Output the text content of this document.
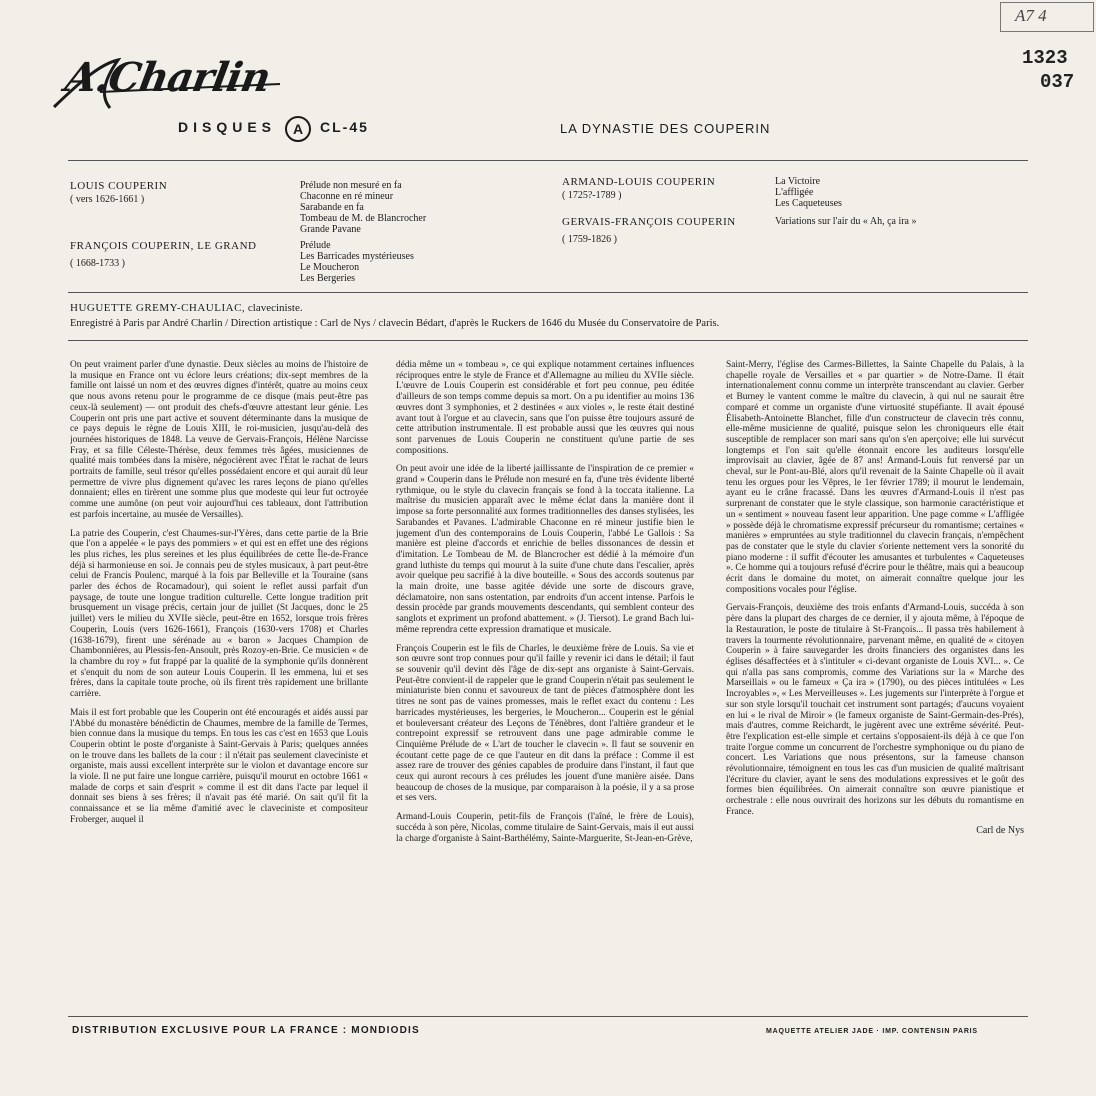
A7 4
1323
037
A.Charlin
DISQUES	A	CL-45	LA DYNASTIE DES COUPERIN
LOUIS COUPERIN
( vers 1626-1661 )
Prélude non mesuré en fa
Chaconne en ré mineur
Sarabande en fa
Tombeau de M. de Blancrocher
Grande Pavane
FRANÇOIS COUPERIN, LE GRAND
( 1668-1733 )
Prélude
Les Barricades mystérieuses
Le Moucheron
Les Bergeries
ARMAND-LOUIS COUPERIN
( 1725?-1789 )
La Victoire
L'affligée
Les Caqueteuses
GERVAIS-FRANÇOIS COUPERIN
( 1759-1826 )
Variations sur l'air du « Ah, ça ira »
HUGUETTE GREMY-CHAULIAC, claveciniste.
Enregistré à Paris par André Charlin / Direction artistique : Carl de Nys / clavecin Bédart, d'après le Ruckers de 1646 du Musée du Conservatoire de Paris.

On peut vraiment parler d'une dynastie. Deux siècles au moins de l'histoire de la musique en France ont vu éclore leurs créations; dix-sept membres de la famille ont laissé un nom et des œuvres dignes d'intérêt, quatre au moins ceux que nous avons retenu pour le programme de ce disque (mais peut-être pas ceux-là seulement) — ont produit des chefs-d'œuvre attestant leur génie. Les Couperin ont pris une part active et souvent déterminante dans la musique de ce pays depuis le règne de Louis XIII, le roi-musicien, jusqu'au-delà des journées historiques de 1848. La veuve de Gervais-François, Hélène Narcisse Fray, et sa fille Céleste-Thérèse, deux femmes très âgées, musiciennes de qualité mais tombées dans la misère, négocièrent avec l'État le rachat de leurs portraits de famille, seul trésor qu'elles possédaient encore et qui aurait dû leur permettre de vivre plus dignement qu'avec les rares leçons de piano qu'elles donnaient; elles en tirèrent une somme plus que modeste qui leur fut octroyée comme une aumône (on peut voir aujourd'hui ces tableaux, dont l'attribution est parfois incertaine, au musée de Versailles).

La patrie des Couperin, c'est Chaumes-sur-l'Yères, dans cette partie de la Brie que l'on a appelée « le pays des pommiers » et qui est en effet une des régions les plus riches, les plus sereines et les plus équilibrées de cette Île-de-France déjà si harmonieuse en soi. Je connais peu de styles musicaux, à part peut-être celui de Francis Poulenc, marqué à la fois par Belleville et la Touraine (sans parler des échos de Rocamadour), qui soient le reflet aussi parfait d'un paysage, de toute une longue tradition culturelle. Cette longue tradition prit brusquement un visage précis, certain jour de juillet (St Jacques, donc le 25 juillet) vers le milieu du XVIIe siècle, peut-être en 1652, lorsque trois frères Couperin, Louis (vers 1626-1661), François (1630-vers 1708) et Charles (1638-1679), firent une sérénade au « baron » Jacques Champion de Chambonnières, au Plessis-fen-Ansoult, près Rozoy-en-Brie. Ce musicien « de la chambre du roy » fut frappé par la qualité de la symphonie qu'ils donnèrent et s'enquit du nom de son auteur Louis Couperin. Il les emmena, lui et ses frères, dans la capitale toute proche, où ils firent très rapidement une brillante carrière.

Mais il est fort probable que les Couperin ont été encouragés et aidés aussi par l'Abbé du monastère bénédictin de Chaumes, membre de la famille de Termes, bien connue dans la musique du temps. En tous les cas c'est en 1653 que Louis Couperin obtint le poste d'organiste à Saint-Gervais à Paris; quelques années on le trouve dans les ballets de la cour : il n'était pas seulement claveciniste et organiste, mais aussi excellent interprète sur le violon et davantage encore sur la viole. Il ne put faire une longue carrière, puisqu'il mourut en octobre 1661 « malade de corps et sain d'esprit » comme il est dit dans l'acte par lequel il donnait ses biens à ses frères; il n'avait pas été marié. On sait qu'il fit la connaissance et se lia même d'amitié avec le claveciniste et compositeur Froberger, auquel il

dédia même un « tombeau », ce qui explique notamment certaines influences réciproques entre le style de France et d'Allemagne au milieu du XVIIe siècle. L'œuvre de Louis Couperin est considérable et fort peu connue, peu éditée d'ailleurs de son temps comme depuis sa mort. On a pu identifier au moins 136 œuvres dont 3 symphonies, et 2 destinées « aux violes », le reste était destiné avant tout à l'orgue et au clavecin, sans que l'on puisse être toujours assuré de cette attribution instrumentale. Il est probable aussi que les œuvres qui nous sont parvenues de Louis Couperin ne constituent qu'une partie de ses compositions.

On peut avoir une idée de la liberté jaillissante de l'inspiration de ce premier « grand » Couperin dans le Prélude non mesuré en fa, d'une très évidente liberté rythmique, ou le style du clavecin français se fond à la toccata italienne. La maîtrise du musicien apparaît avec le même éclat dans la manière dont il impose sa forte personnalité aux formes traditionnelles des danses stylisées, les Sarabandes et Pavanes. L'admirable Chaconne en ré mineur justifie bien le jugement d'un des contemporains de Louis Couperin, l'abbé Le Gallois : Sa manière est pleine d'accords et enrichie de belles dissonances de dessin et d'imitation. Le Tombeau de M. de Blancrocher est dédié à la mémoire d'un grand luthiste du temps qui mourut à la suite d'une chute dans l'escalier, après avoir quelque peu sacrifié à la dive bouteille. « Sous des accords soutenus par la main droite, une basse agitée dévide une sorte de discours grave, déclamatoire, non sans ostentation, par endroits d'un accent intense. Parfois le dessin procède par grands mouvements descendants, qui semblent conteur des sanglots et expriment un profond abattement. » (J. Tiersot). Le grand Bach lui-même reprendra cette expression dramatique et musicale.

François Couperin est le fils de Charles, le deuxième frère de Louis. Sa vie et son œuvre sont trop connues pour qu'il faille y revenir ici dans le détail; il faut se souvenir qu'il devint dès l'âge de dix-sept ans organiste à Saint-Gervais. Peut-être convient-il de rappeler que le grand Couperin n'était pas seulement le miniaturiste bien connu et savoureux de tant de pièces d'atmosphère dont les titres ne sont pas de vaines promesses, mais le reflet exact du contenu : Les barricades mystérieuses, les bergeries, le Moucheron... Couperin est le génial et bouleversant créateur des Leçons de Ténèbres, dont l'altière grandeur et le contrepoint expressif se retrouvent dans une page admirable comme le Cinquième Prélude de « L'art de toucher le clavecin ». Il faut se souvenir en écoutant cette page de ce que l'auteur en dit dans la préface : Comme il est assez rare de trouver des génies capables de produire dans l'instant, il faut que ceux qui auront recours à ces préludes les jouent d'une manière aisée. Dans beaucoup de choses de la musique, par comparaison à la poésie, il y a sa prose et ses vers.

Armand-Louis Couperin, petit-fils de François (l'aîné, le frère de Louis), succéda à son père, Nicolas, comme titulaire de Saint-Gervais, mais il eut aussi la charge d'organiste à Saint-Barthélémy, Sainte-Marguerite, St-Jean-en-Grève,

Saint-Merry, l'église des Carmes-Billettes, la Sainte Chapelle du Palais, à la chapelle royale de Versailles et « par quartier » de Notre-Dame. Il était internationalement connu comme un interprète transcendant au clavier. Gerber et Burney le vantent comme le maître du clavecin, à qui nul ne saurait être comparé et comme un organiste d'une virtuosité stupéfiante. Il avait épousé Élisabeth-Antoinette Blanchet, fille d'un constructeur de clavecin très connu, elle-même musicienne de qualité, puisque selon les chroniqueurs elle était susceptible de remplacer son mari sans qu'on s'en aperçoive; elle lui survécut longtemps et l'on sait qu'elle étonnait encore les auditeurs lorsqu'elle improvisait au clavier, âgée de 87 ans! Armand-Louis fut renversé par un cheval, sur le Pont-au-Blé, alors qu'il revenait de la Sainte Chapelle où il avait tenu les orgues pour les Vêpres, le 1er février 1789; il mourut le lendemain, ayant eu le crâne fracassé. Dans les œuvres d'Armand-Louis il n'est pas surprenant de constater que le style classique, son harmonie caractéristique et un « sentiment » nouveau fasent leur apparition. Une page comme « L'affligée » possède déjà le chromatisme expressif précurseur du romantisme; certaines « manières » empruntées au style traditionnel du clavecin français, n'empêchent pas de constater que le style du clavier s'oriente nettement vers la sonorité du piano moderne : il suffit d'écouter les amusantes et turbulentes « Caqueteuses ». Ce homme qui a toujours refusé d'écrire pour le théâtre, mais qui a beaucoup écrit dans le domaine du motet, on aimerait connaître quelque jour les compositions vocales pour l'église.

Gervais-François, deuxième des trois enfants d'Armand-Louis, succéda à son père dans la plupart des charges de ce dernier, il y ajouta même, à l'époque de la Restauration, le poste de titulaire à St-François... Il passa très habilement à travers la tourmente révolutionnaire, parvenant même, en qualité de « citoyen Couperin » à faire sauvegarder les droits financiers des organistes dans les églises désaffectées et à s'intituler « ci-devant organiste de Louis XVI... ». Ce qui n'alla pas sans compromis, comme des Variations sur la « Marche des Marseillais » ou le fameux « Ça ira » (1790), ou des pièces intitulées « Les Incroyables », « Les Merveilleuses ». Les jugements sur l'interprète à l'orgue et sur son style lorsqu'il touchait cet instrument sont partagés; d'aucuns voyaient en lui « le rival de Miroir » (le fameux organiste de Saint-Germain-des-Prés), mais d'autres, comme Reichardt, le jugèrent avec une extrême sévérité. Peut-être l'explication est-elle simple et certains s'opposaient-ils déjà à ce que l'on traite l'orgue comme un concurrent de l'orchestre symphonique ou du piano de concert. Les Variations que nous présentons, sur la fameuse chanson révolutionnaire, témoignent en tous les cas d'un musicien de qualité maîtrisant l'écriture du clavier, ayant le sens des modulations expressives et le goût des formes bien équilibrées. On aimerait connaître son œuvre pianistique et orchestrale : elle nous ouvrirait des horizons sur les débuts du romantisme en France.

Carl de Nys
DISTRIBUTION EXCLUSIVE POUR LA FRANCE : MONDIODIS	MAQUETTE ATELIER JADE · IMP. CONTENSIN PARIS
